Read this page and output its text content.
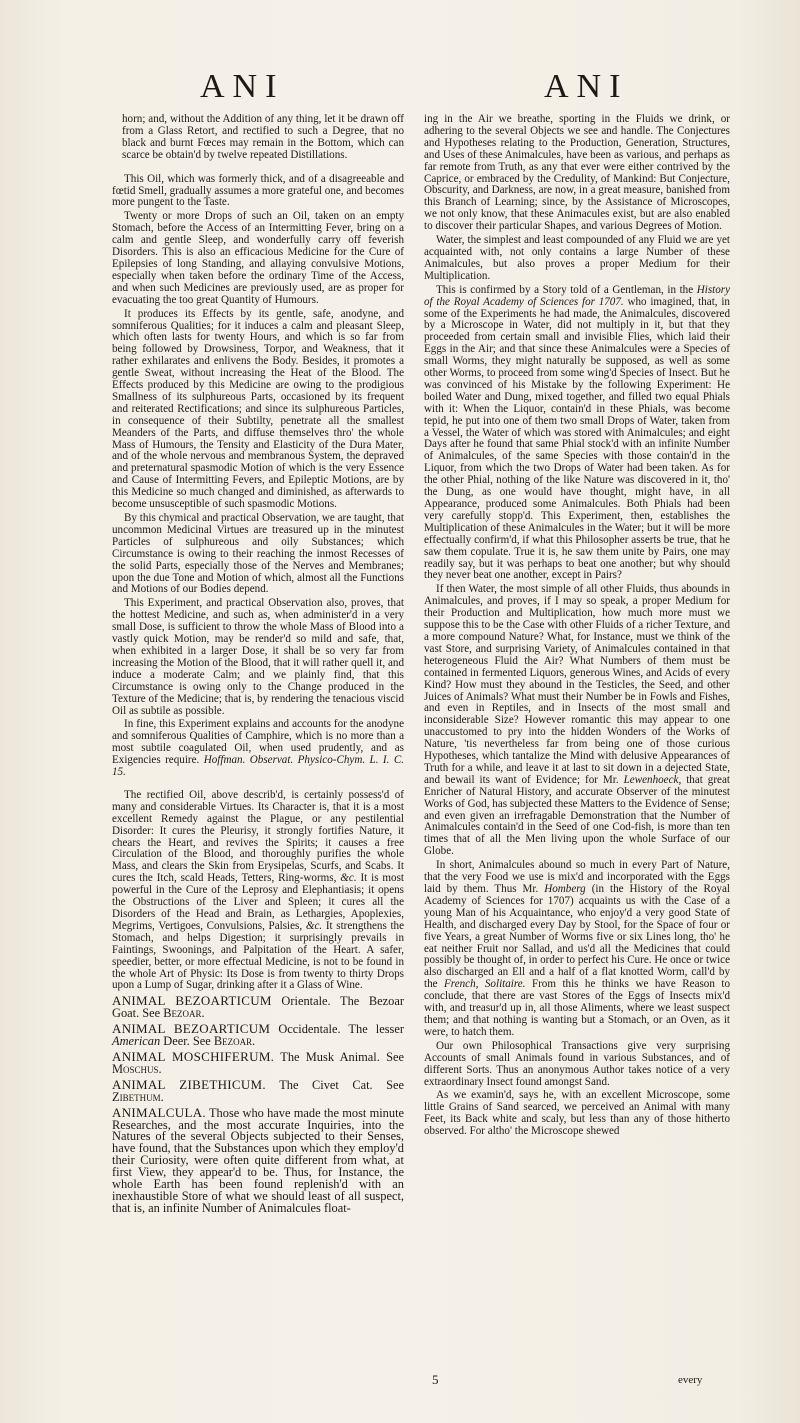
ANI	ANI

horn; and, without the Addition of any thing, let it be drawn off from a Glass Retort, and rectified to such a Degree, that no black and burnt Fœces may remain in the Bottom, which can scarce be obtain'd by twelve repeated Distillations.

This Oil, which was formerly thick, and of a disagreeable and fœtid Smell, gradually assumes a more grateful one, and becomes more pungent to the Taste.

Twenty or more Drops of such an Oil, taken on an empty Stomach, before the Access of an Intermitting Fever, bring on a calm and gentle Sleep, and wonderfully carry off feverish Disorders. This is also an efficacious Medicine for the Cure of Epilepsies of long Standing, and allaying convulsive Motions, especially when taken before the ordinary Time of the Access, and when such Medicines are previously used, are as proper for evacuating the too great Quantity of Humours.

It produces its Effects by its gentle, safe, anodyne, and somniferous Qualities; for it induces a calm and pleasant Sleep, which often lasts for twenty Hours, and which is so far from being followed by Drowsiness, Torpor, and Weakness, that it rather exhilarates and enlivens the Body. Besides, it promotes a gentle Sweat, without increasing the Heat of the Blood. The Effects produced by this Medicine are owing to the prodigious Smallness of its sulphureous Parts, occasioned by its frequent and reiterated Rectifications; and since its sulphureous Particles, in consequence of their Subtilty, penetrate all the smallest Meanders of the Parts, and diffuse themselves thro' the whole Mass of Humours, the Tensity and Elasticity of the Dura Mater, and of the whole nervous and membranous System, the depraved and preternatural spasmodic Motion of which is the very Essence and Cause of Intermitting Fevers, and Epileptic Motions, are by this Medicine so much changed and diminished, as afterwards to become unsusceptible of such spasmodic Motions.

By this chymical and practical Observation, we are taught, that uncommon Medicinal Virtues are treasured up in the minutest Particles of sulphureous and oily Substances; which Circumstance is owing to their reaching the inmost Recesses of the solid Parts, especially those of the Nerves and Membranes; upon the due Tone and Motion of which, almost all the Functions and Motions of our Bodies depend.

This Experiment, and practical Observation also, proves, that the hottest Medicine, and such as, when administer'd in a very small Dose, is sufficient to throw the whole Mass of Blood into a vastly quick Motion, may be render'd so mild and safe, that, when exhibited in a larger Dose, it shall be so very far from increasing the Motion of the Blood, that it will rather quell it, and induce a moderate Calm; and we plainly find, that this Circumstance is owing only to the Change produced in the Texture of the Medicine; that is, by rendering the tenacious viscid Oil as subtile as possible.

In fine, this Experiment explains and accounts for the anodyne and somniferous Qualities of Camphire, which is no more than a most subtile coagulated Oil, when used prudently, and as Exigencies require. Hoffman. Observat. Physico-Chym. L. I. C. 15.

The rectified Oil, above describ'd, is certainly possess'd of many and considerable Virtues. Its Character is, that it is a most excellent Remedy against the Plague, or any pestilential Disorder: It cures the Pleurisy, it strongly fortifies Nature, it chears the Heart, and revives the Spirits; it causes a free Circulation of the Blood, and thoroughly purifies the whole Mass, and clears the Skin from Erysipelas, Scurfs, and Scabs. It cures the Itch, scald Heads, Tetters, Ring-worms, &c. It is most powerful in the Cure of the Leprosy and Elephantiasis; it opens the Obstructions of the Liver and Spleen; it cures all the Disorders of the Head and Brain, as Lethargies, Apoplexies, Megrims, Vertigoes, Convulsions, Palsies, &c. It strengthens the Stomach, and helps Digestion; it surprisingly prevails in Faintings, Swoonings, and Palpitation of the Heart. A safer, speedier, better, or more effectual Medicine, is not to be found in the whole Art of Physic: Its Dose is from twenty to thirty Drops upon a Lump of Sugar, drinking after it a Glass of Wine.

ANIMAL BEZOARTICUM Orientale. The Bezoar Goat. See Bezoar.

ANIMAL BEZOARTICUM Occidentale. The lesser American Deer. See Bezoar.

ANIMAL MOSCHIFERUM. The Musk Animal. See Moschus.

ANIMAL ZIBETHICUM. The Civet Cat. See Zibethum.

ANIMALCULA. Those who have made the most minute Researches, and the most accurate Inquiries, into the Natures of the several Objects subjected to their Senses, have found, that the Substances upon which they employ'd their Curiosity, were often quite different from what, at first View, they appear'd to be. Thus, for Instance, the whole Earth has been found replenish'd with an inexhaustible Store of what we should least of all suspect, that is, an infinite Number of Animalcules float-

ing in the Air we breathe, sporting in the Fluids we drink, or adhering to the several Objects we see and handle. The Conjectures and Hypotheses relating to the Production, Generation, Structures, and Uses of these Animalcules, have been as various, and perhaps as far remote from Truth, as any that ever were either contrived by the Caprice, or embraced by the Credulity, of Mankind: But Conjecture, Obscurity, and Darkness, are now, in a great measure, banished from this Branch of Learning; since, by the Assistance of Microscopes, we not only know, that these Animacules exist, but are also enabled to discover their particular Shapes, and various Degrees of Motion.

Water, the simplest and least compounded of any Fluid we are yet acquainted with, not only contains a large Number of these Animalcules, but also proves a proper Medium for their Multiplication.

This is confirmed by a Story told of a Gentleman, in the History of the Royal Academy of Sciences for 1707. who imagined, that, in some of the Experiments he had made, the Animalcules, discovered by a Microscope in Water, did not multiply in it, but that they proceeded from certain small and invisible Flies, which laid their Eggs in the Air; and that since these Animalcules were a Species of small Worms, they might naturally be supposed, as well as some other Worms, to proceed from some wing'd Species of Insect. But he was convinced of his Mistake by the following Experiment: He boiled Water and Dung, mixed together, and filled two equal Phials with it: When the Liquor, contain'd in these Phials, was become tepid, he put into one of them two small Drops of Water, taken from a Vessel, the Water of which was stored with Animalcules; and eight Days after he found that same Phial stock'd with an infinite Number of Animalcules, of the same Species with those contain'd in the Liquor, from which the two Drops of Water had been taken. As for the other Phial, nothing of the like Nature was discovered in it, tho' the Dung, as one would have thought, might have, in all Appearance, produced some Animalcules. Both Phials had been very carefully stopp'd. This Experiment, then, establishes the Multiplication of these Animalcules in the Water; but it will be more effectually confirm'd, if what this Philosopher asserts be true, that he saw them copulate. True it is, he saw them unite by Pairs, one may readily say, but it was perhaps to beat one another; but why should they never beat one another, except in Pairs?

If then Water, the most simple of all other Fluids, thus abounds in Animalcules, and proves, if I may so speak, a proper Medium for their Production and Multiplication, how much more must we suppose this to be the Case with other Fluids of a richer Texture, and a more compound Nature? What, for Instance, must we think of the vast Store, and surprising Variety, of Animalcules contained in that heterogeneous Fluid the Air? What Numbers of them must be contained in fermented Liquors, generous Wines, and Acids of every Kind? How must they abound in the Testicles, the Seed, and other Juices of Animals? What must their Number be in Fowls and Fishes, and even in Reptiles, and in Insects of the most small and inconsiderable Size? However romantic this may appear to one unaccustomed to pry into the hidden Wonders of the Works of Nature, 'tis nevertheless far from being one of those curious Hypotheses, which tantalize the Mind with delusive Appearances of Truth for a while, and leave it at last to sit down in a dejected State, and bewail its want of Evidence; for Mr. Lewenhoeck, that great Enricher of Natural History, and accurate Observer of the minutest Works of God, has subjected these Matters to the Evidence of Sense; and even given an irrefragable Demonstration that the Number of Animalcules contain'd in the Seed of one Cod-fish, is more than ten times that of all the Men living upon the whole Surface of our Globe.

In short, Animalcules abound so much in every Part of Nature, that the very Food we use is mix'd and incorporated with the Eggs laid by them. Thus Mr. Homberg (in the History of the Royal Academy of Sciences for 1707) acquaints us with the Case of a young Man of his Acquaintance, who enjoy'd a very good State of Health, and discharged every Day by Stool, for the Space of four or five Years, a great Number of Worms five or six Lines long, tho' he eat neither Fruit nor Sallad, and us'd all the Medicines that could possibly be thought of, in order to perfect his Cure. He once or twice also discharged an Ell and a half of a flat knotted Worm, call'd by the French, Solitaire. From this he thinks we have Reason to conclude, that there are vast Stores of the Eggs of Insects mix'd with, and treasur'd up in, all those Aliments, where we least suspect them; and that nothing is wanting but a Stomach, or an Oven, as it were, to hatch them.

Our own Philosophical Transactions give very surprising Accounts of small Animals found in various Substances, and of different Sorts. Thus an anonymous Author takes notice of a very extraordinary Insect found amongst Sand.

As we examin'd, says he, with an excellent Microscope, some little Grains of Sand searced, we perceived an Animal with many Feet, its Back white and scaly, but less than any of those hitherto observed. For altho' the Microscope shewed

5	every
